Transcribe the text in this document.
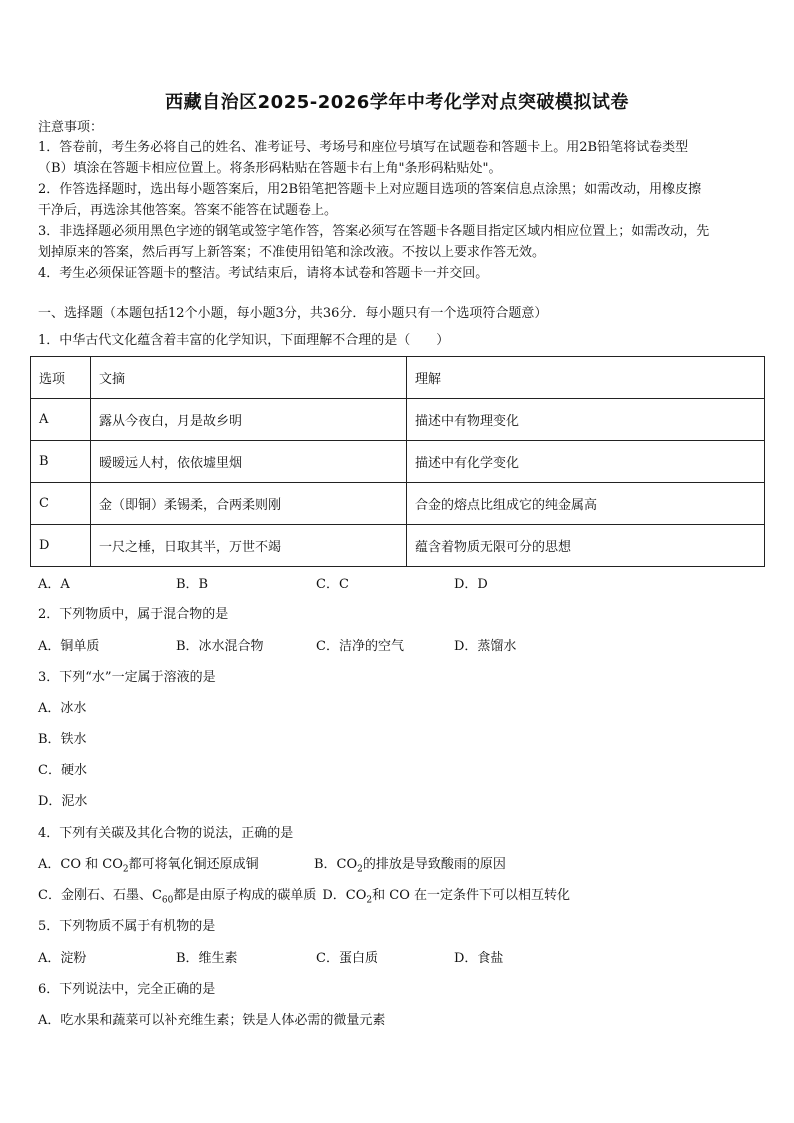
西藏自治区2025-2026学年中考化学对点突破模拟试卷
注意事项：
1．答卷前，考生务必将自己的姓名、准考证号、考场号和座位号填写在试题卷和答题卡上。用2B铅笔将试卷类型
（B）填涂在答题卡相应位置上。将条形码粘贴在答题卡右上角"条形码粘贴处"。
2．作答选择题时，选出每小题答案后，用2B铅笔把答题卡上对应题目选项的答案信息点涂黑；如需改动，用橡皮擦
干净后，再选涂其他答案。答案不能答在试题卷上。
3．非选择题必须用黑色字迹的钢笔或签字笔作答，答案必须写在答题卡各题目指定区域内相应位置上；如需改动，先
划掉原来的答案，然后再写上新答案；不准使用铅笔和涂改液。不按以上要求作答无效。
4．考生必须保证答题卡的整洁。考试结束后，请将本试卷和答题卡一并交回。
一、选择题（本题包括12个小题，每小题3分，共36分．每小题只有一个选项符合题意）
1．中华古代文化蕴含着丰富的化学知识，下面理解不合理的是（　　）
选项	文摘	理解
A	露从今夜白，月是故乡明	描述中有物理变化
B	暧暧远人村，依依墟里烟	描述中有化学变化
C	金（即铜）柔锡柔，合两柔则刚	合金的熔点比组成它的纯金属高
D	一尺之棰，日取其半，万世不竭	蕴含着物质无限可分的思想
A．A	B．B	C．C	D．D
2．下列物质中，属于混合物的是
A．铜单质	B．冰水混合物	C．洁净的空气	D．蒸馏水
3．下列“水”一定属于溶液的是
A．冰水
B．铁水
C．硬水
D．泥水
4．下列有关碳及其化合物的说法，正确的是
A．CO 和 $CO_2$都可将氧化铜还原成铜	B．$CO_2$的排放是导致酸雨的原因
C．金刚石、石墨、$C_{60}$都是由原子构成的碳单质 D．$CO_2$和 CO 在一定条件下可以相互转化
5．下列物质不属于有机物的是
A．淀粉	B．维生素	C．蛋白质	D．食盐
6．下列说法中，完全正确的是
A．吃水果和蔬菜可以补充维生素；铁是人体必需的微量元素
